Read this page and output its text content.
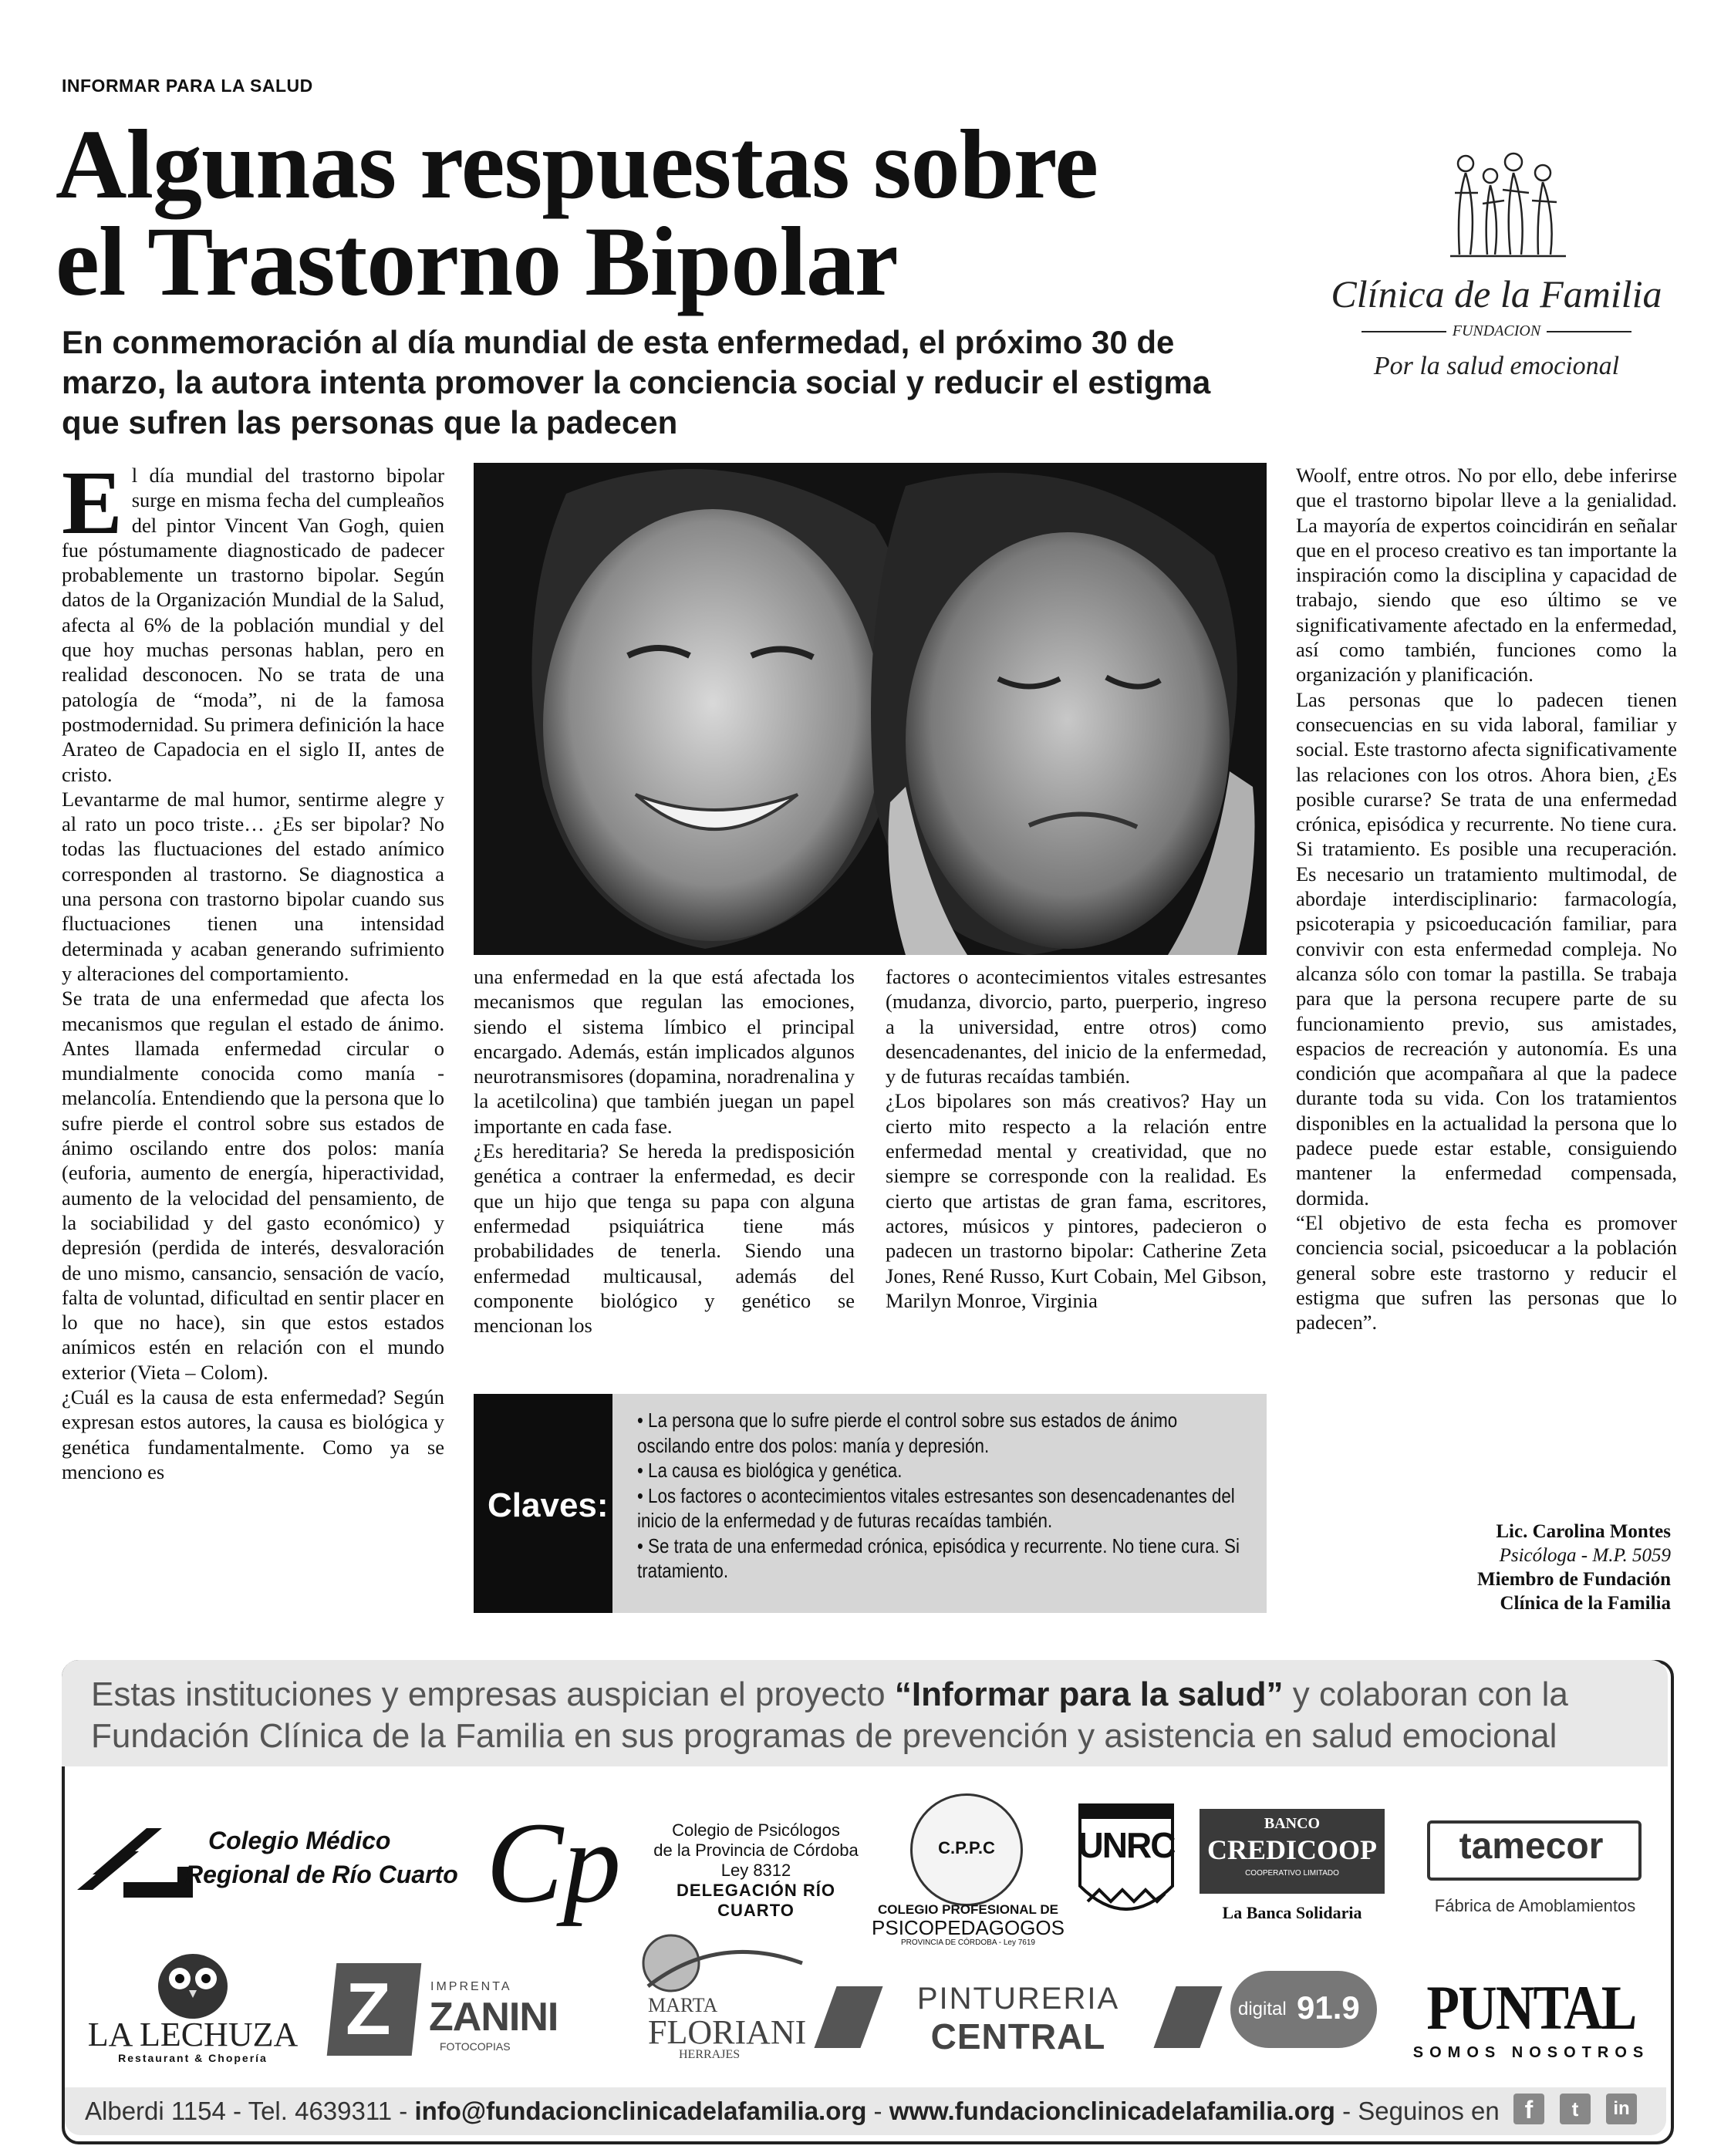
INFORMAR PARA LA SALUD
Algunas respuestas sobre
el Trastorno Bipolar
En conmemoración al día mundial de esta enfermedad, el próximo 30 de marzo, la autora intenta promover la conciencia social y reducir el estigma que sufren las personas que la padecen
Clínica de la Familia
FUNDACION
Por la salud emocional
E l día mundial del trastorno bipolar surge en misma fecha del cumpleaños del pintor Vincent Van Gogh, quien fue póstumamente diagnosticado de padecer probablemente un trastorno bipolar. Según datos de la Organización Mundial de la Salud, afecta al 6% de la población mundial y del que hoy muchas personas hablan, pero en realidad desconocen. No se trata de una patología de “moda”, ni de la famosa postmodernidad. Su primera definición la hace Arateo de Capadocia en el siglo II, antes de cristo.

Levantarme de mal humor, sentirme alegre y al rato un poco triste… ¿Es ser bipolar? No todas las fluctuaciones del estado anímico corresponden al trastorno. Se diagnostica a una persona con trastorno bipolar cuando sus fluctuaciones tienen una intensidad determinada y acaban generando sufrimiento y alteraciones del comportamiento.

Se trata de una enfermedad que afecta los mecanismos que regulan el estado de ánimo. Antes llamada enfermedad circular o mundialmente conocida como manía - melancolía. Entendiendo que la persona que lo sufre pierde el control sobre sus estados de ánimo oscilando entre dos polos: manía (euforia, aumento de energía, hiperactividad, aumento de la velocidad del pensamiento, de la sociabilidad y del gasto económico) y depresión (perdida de interés, desvaloración de uno mismo, cansancio, sensación de vacío, falta de voluntad, dificultad en sentir placer en lo que no hace), sin que estos estados anímicos estén en relación con el mundo exterior (Vieta – Colom).

¿Cuál es la causa de esta enfermedad? Según expresan estos autores, la causa es biológica y genética fundamentalmente. Como ya se menciono es

una enfermedad en la que está afectada los mecanismos que regulan las emociones, siendo el sistema límbico el principal encargado. Además, están implicados algunos neurotransmisores (dopamina, noradrenalina y la acetilcolina) que también juegan un papel importante en cada fase.

¿Es hereditaria? Se hereda la predisposición genética a contraer la enfermedad, es decir que un hijo que tenga su papa con alguna enfermedad psiquiátrica tiene más probabilidades de tenerla. Siendo una enfermedad multicausal, además del componente biológico y genético se mencionan los

factores o acontecimientos vitales estresantes (mudanza, divorcio, parto, puerperio, ingreso a la universidad, entre otros) como desencadenantes, del inicio de la enfermedad, y de futuras recaídas también.

¿Los bipolares son más creativos? Hay un cierto mito respecto a la relación entre enfermedad mental y creatividad, que no siempre se corresponde con la realidad. Es cierto que artistas de gran fama, escritores, actores, músicos y pintores, padecieron o padecen un trastorno bipolar: Catherine Zeta Jones, René Russo, Kurt Cobain, Mel Gibson, Marilyn Monroe, Virginia

Claves:
• La persona que lo sufre pierde el control sobre sus estados de ánimo oscilando entre dos polos: manía y depresión.
• La causa es biológica y genética.
• Los factores o acontecimientos vitales estresantes son desencadenantes del inicio de la enfermedad y de futuras recaídas también.
• Se trata de una enfermedad crónica, episódica y recurrente. No tiene cura. Si tratamiento.

Woolf, entre otros. No por ello, debe inferirse que el trastorno bipolar lleve a la genialidad. La mayoría de expertos coincidirán en señalar que en el proceso creativo es tan importante la inspiración como la disciplina y capacidad de trabajo, siendo que eso último se ve significativamente afectado en la enfermedad, así como también, funciones como la organización y planificación.

Las personas que lo padecen tienen consecuencias en su vida laboral, familiar y social. Este trastorno afecta significativamente las relaciones con los otros. Ahora bien, ¿Es posible curarse? Se trata de una enfermedad crónica, episódica y recurrente. No tiene cura. Si tratamiento. Es posible una recuperación. Es necesario un tratamiento multimodal, de abordaje interdisciplinario: farmacología, psicoterapia y psicoeducación familiar, para convivir con esta enfermedad compleja. No alcanza sólo con tomar la pastilla. Se trabaja para que la persona recupere parte de su funcionamiento previo, sus amistades, espacios de recreación y autonomía. Es una condición que acompañara al que la padece durante toda su vida. Con los tratamientos disponibles en la actualidad la persona que lo padece puede estar estable, consiguiendo mantener la enfermedad compensada, dormida.

“El objetivo de esta fecha es promover conciencia social, psicoeducar a la población general sobre este trastorno y reducir el estigma que sufren las personas que lo padecen”.

Lic. Carolina Montes
Psicóloga - M.P. 5059
Miembro de Fundación
Clínica de la Familia
Estas instituciones y empresas auspician el proyecto “Informar para la salud” y colaboran con la Fundación Clínica de la Familia en sus programas de prevención y asistencia en salud emocional
Colegio Médico
Regional de Río Cuarto Cp	Colegio de Psicólogos
de la Provincia de Córdoba
Ley 8312
DELEGACIÓN RÍO CUARTO
C.P.P.C
COLEGIO PROFESIONAL DE
PSICOPEDAGOGOS
PROVINCIA DE CÓRDOBA - Ley 7619
UNRC
BANCO
CREDICOOP
COOPERATIVO LIMITADO
La Banca Solidaria
tamecor
Fábrica de Amoblamientos
LA LECHUZA
Restaurant & Chopería
Z	IMPRENTA
ZANINI
FOTOCOPIAS
MARTA
FLORIANI
HERRAJES
PINTURERIA
CENTRAL
digital 91.9 PUNTAL
SOMOS NOSOTROS
Alberdi 1154 - Tel. 4639311 - info@fundacionclinicadelafamilia.org - www.fundacionclinicadelafamilia.org - Seguinos en	f	t	in
